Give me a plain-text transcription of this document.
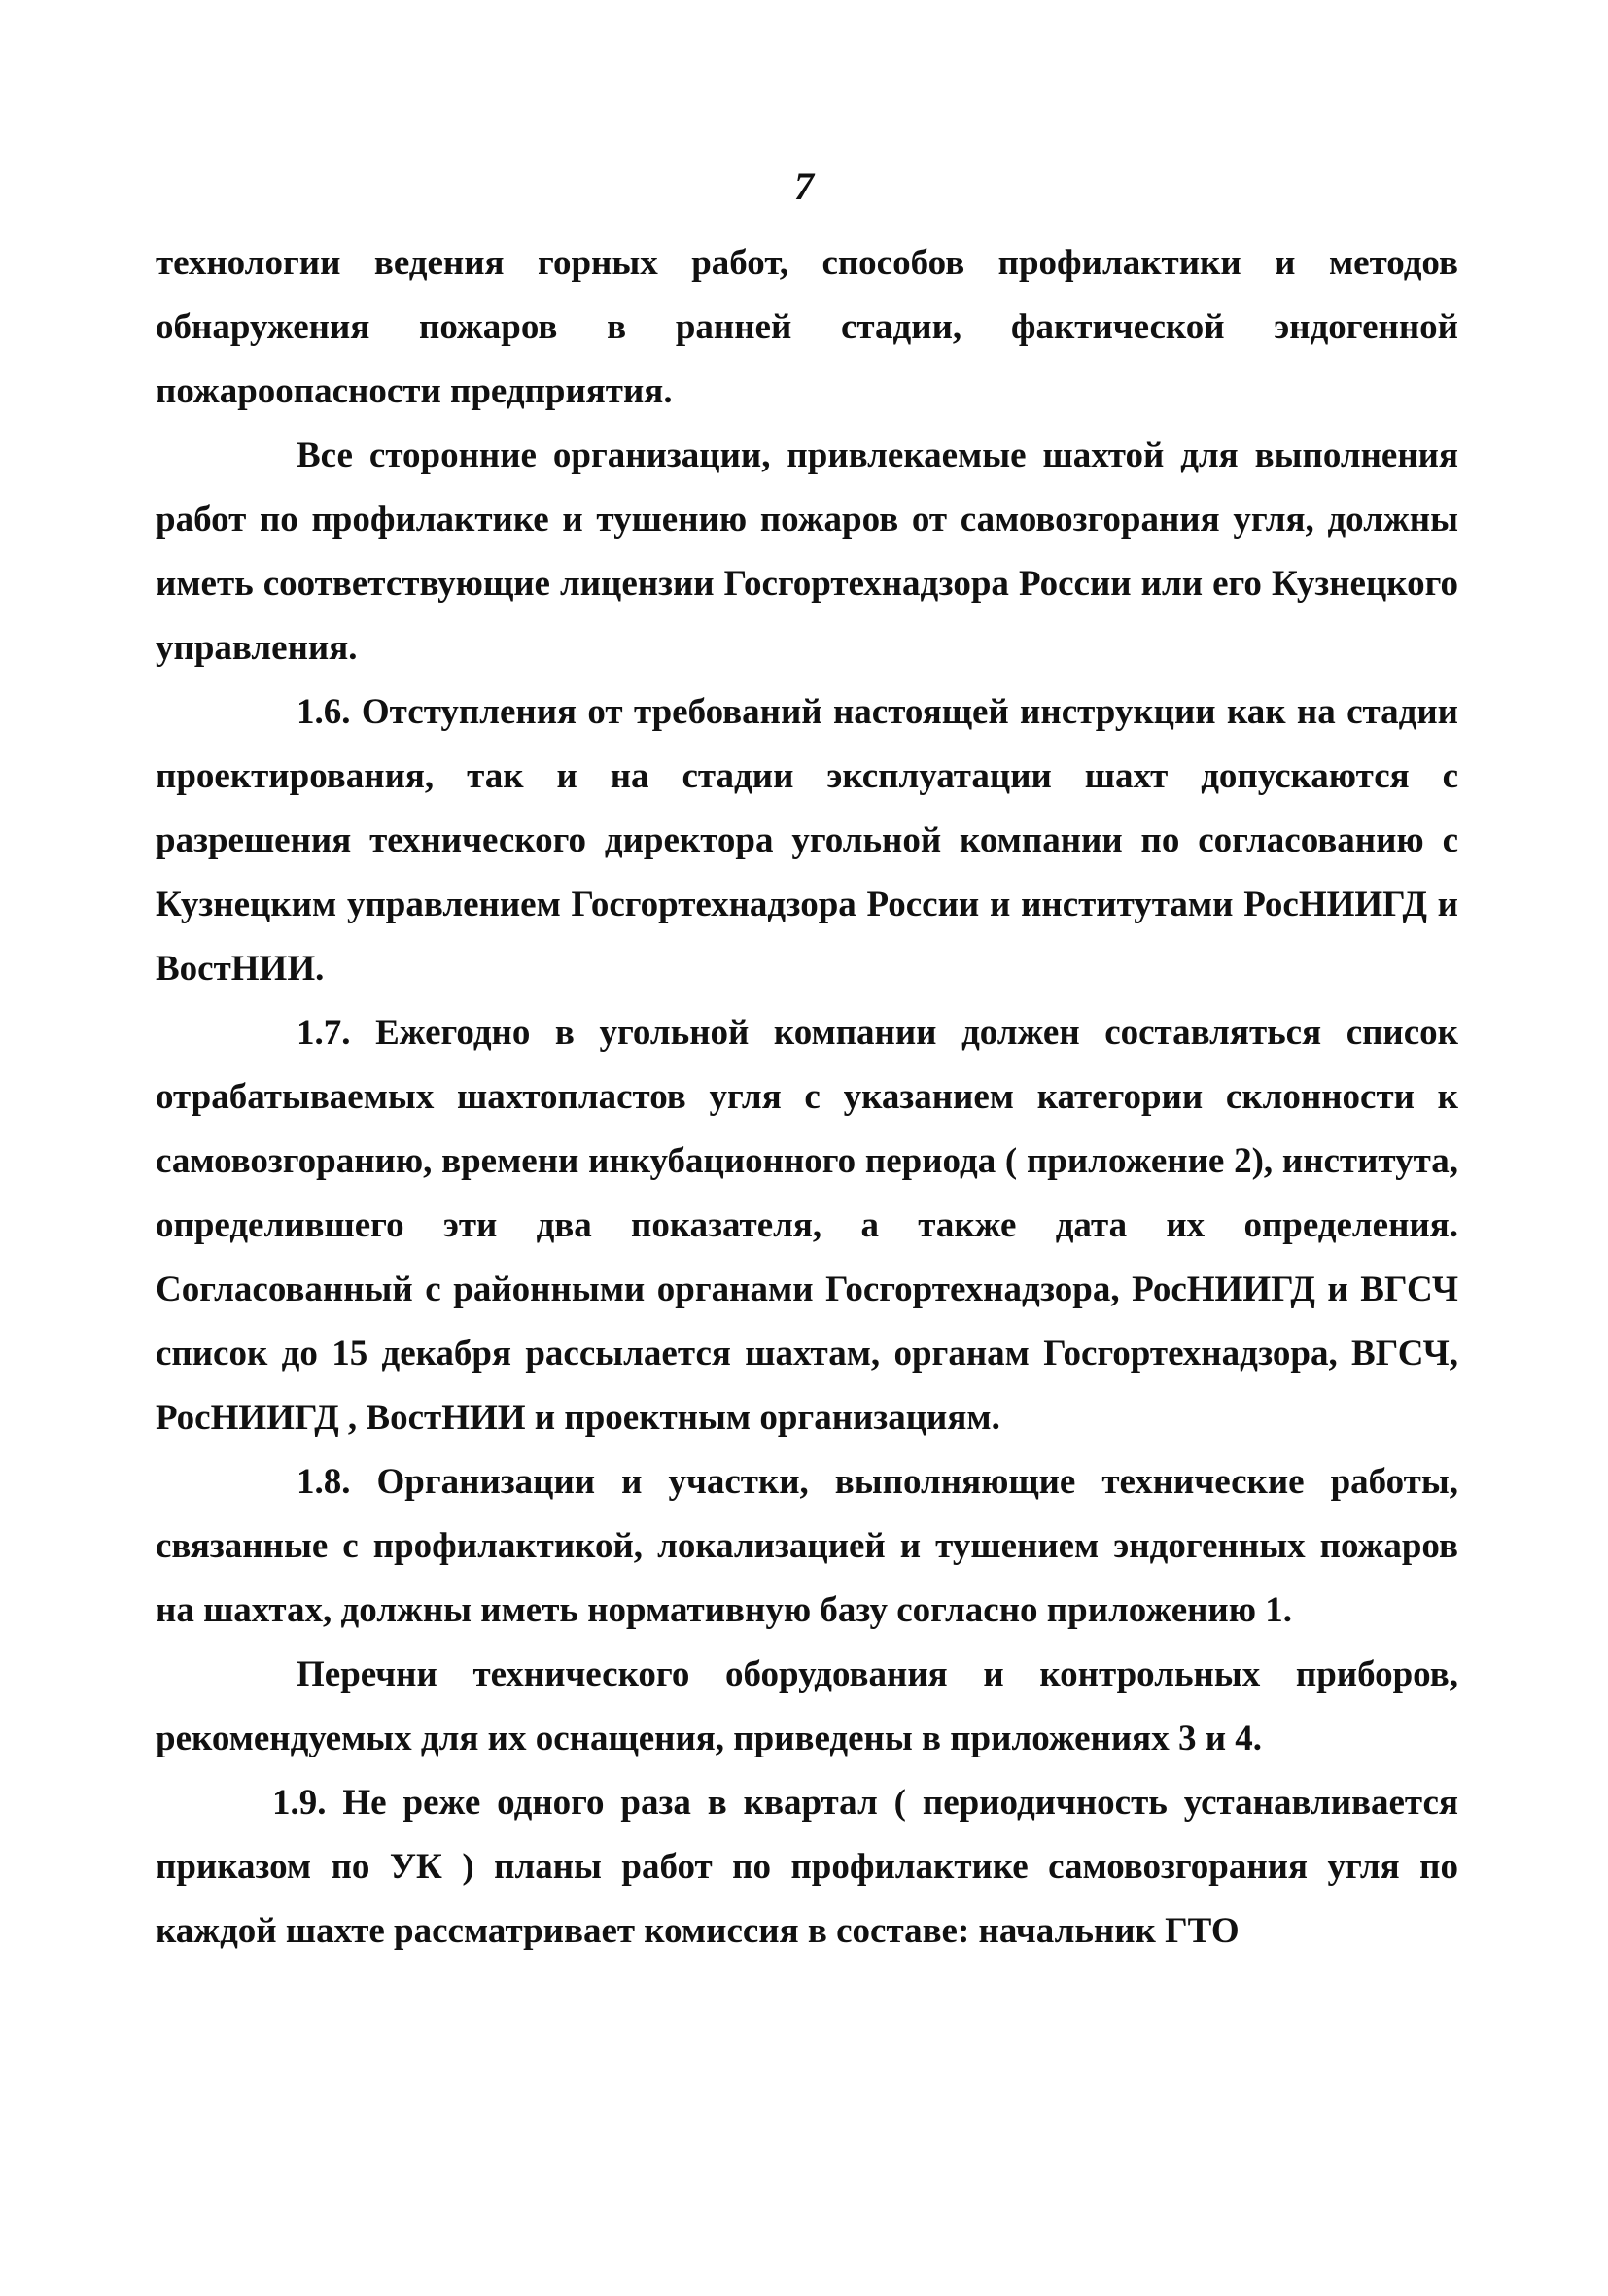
7

технологии ведения горных работ, способов профилактики и методов обнаружения пожаров в ранней стадии, фактической эндогенной пожароопасности предприятия.

Все сторонние организации, привлекаемые шахтой для выполнения работ по профилактике и тушению пожаров от самовозгорания угля, должны иметь соответствующие лицензии Госгортехнадзора России или его Кузнецкого управления.

1.6. Отступления от требований настоящей инструкции как на стадии проектирования, так и на стадии эксплуатации шахт допускаются с разрешения технического директора угольной компании по согласованию с Кузнецким управлением Госгортехнадзора России и институтами РосНИИГД и ВостНИИ.

1.7. Ежегодно в угольной компании должен составляться список отрабатываемых шахтопластов угля с указанием категории склонности к самовозгоранию, времени инкубационного периода ( приложение 2), института, определившего эти два показателя, а также дата их определения. Согласованный с районными органами Госгортехнадзора, РосНИИГД и ВГСЧ список до 15 декабря рассылается шахтам, органам Госгортехнадзора, ВГСЧ, РосНИИГД , ВостНИИ и проектным организациям.

1.8. Организации и участки, выполняющие технические работы, связанные с профилактикой, локализацией и тушением эндогенных пожаров на шахтах, должны иметь нормативную базу согласно приложению 1.

Перечни технического оборудования и контрольных приборов, рекомендуемых для их оснащения, приведены в приложениях 3 и 4.

1.9. Не реже одного раза в квартал ( периодичность устанавливается приказом по УК ) планы работ по профилактике самовозгорания угля по каждой шахте рассматривает комиссия в составе: начальник ГТО
